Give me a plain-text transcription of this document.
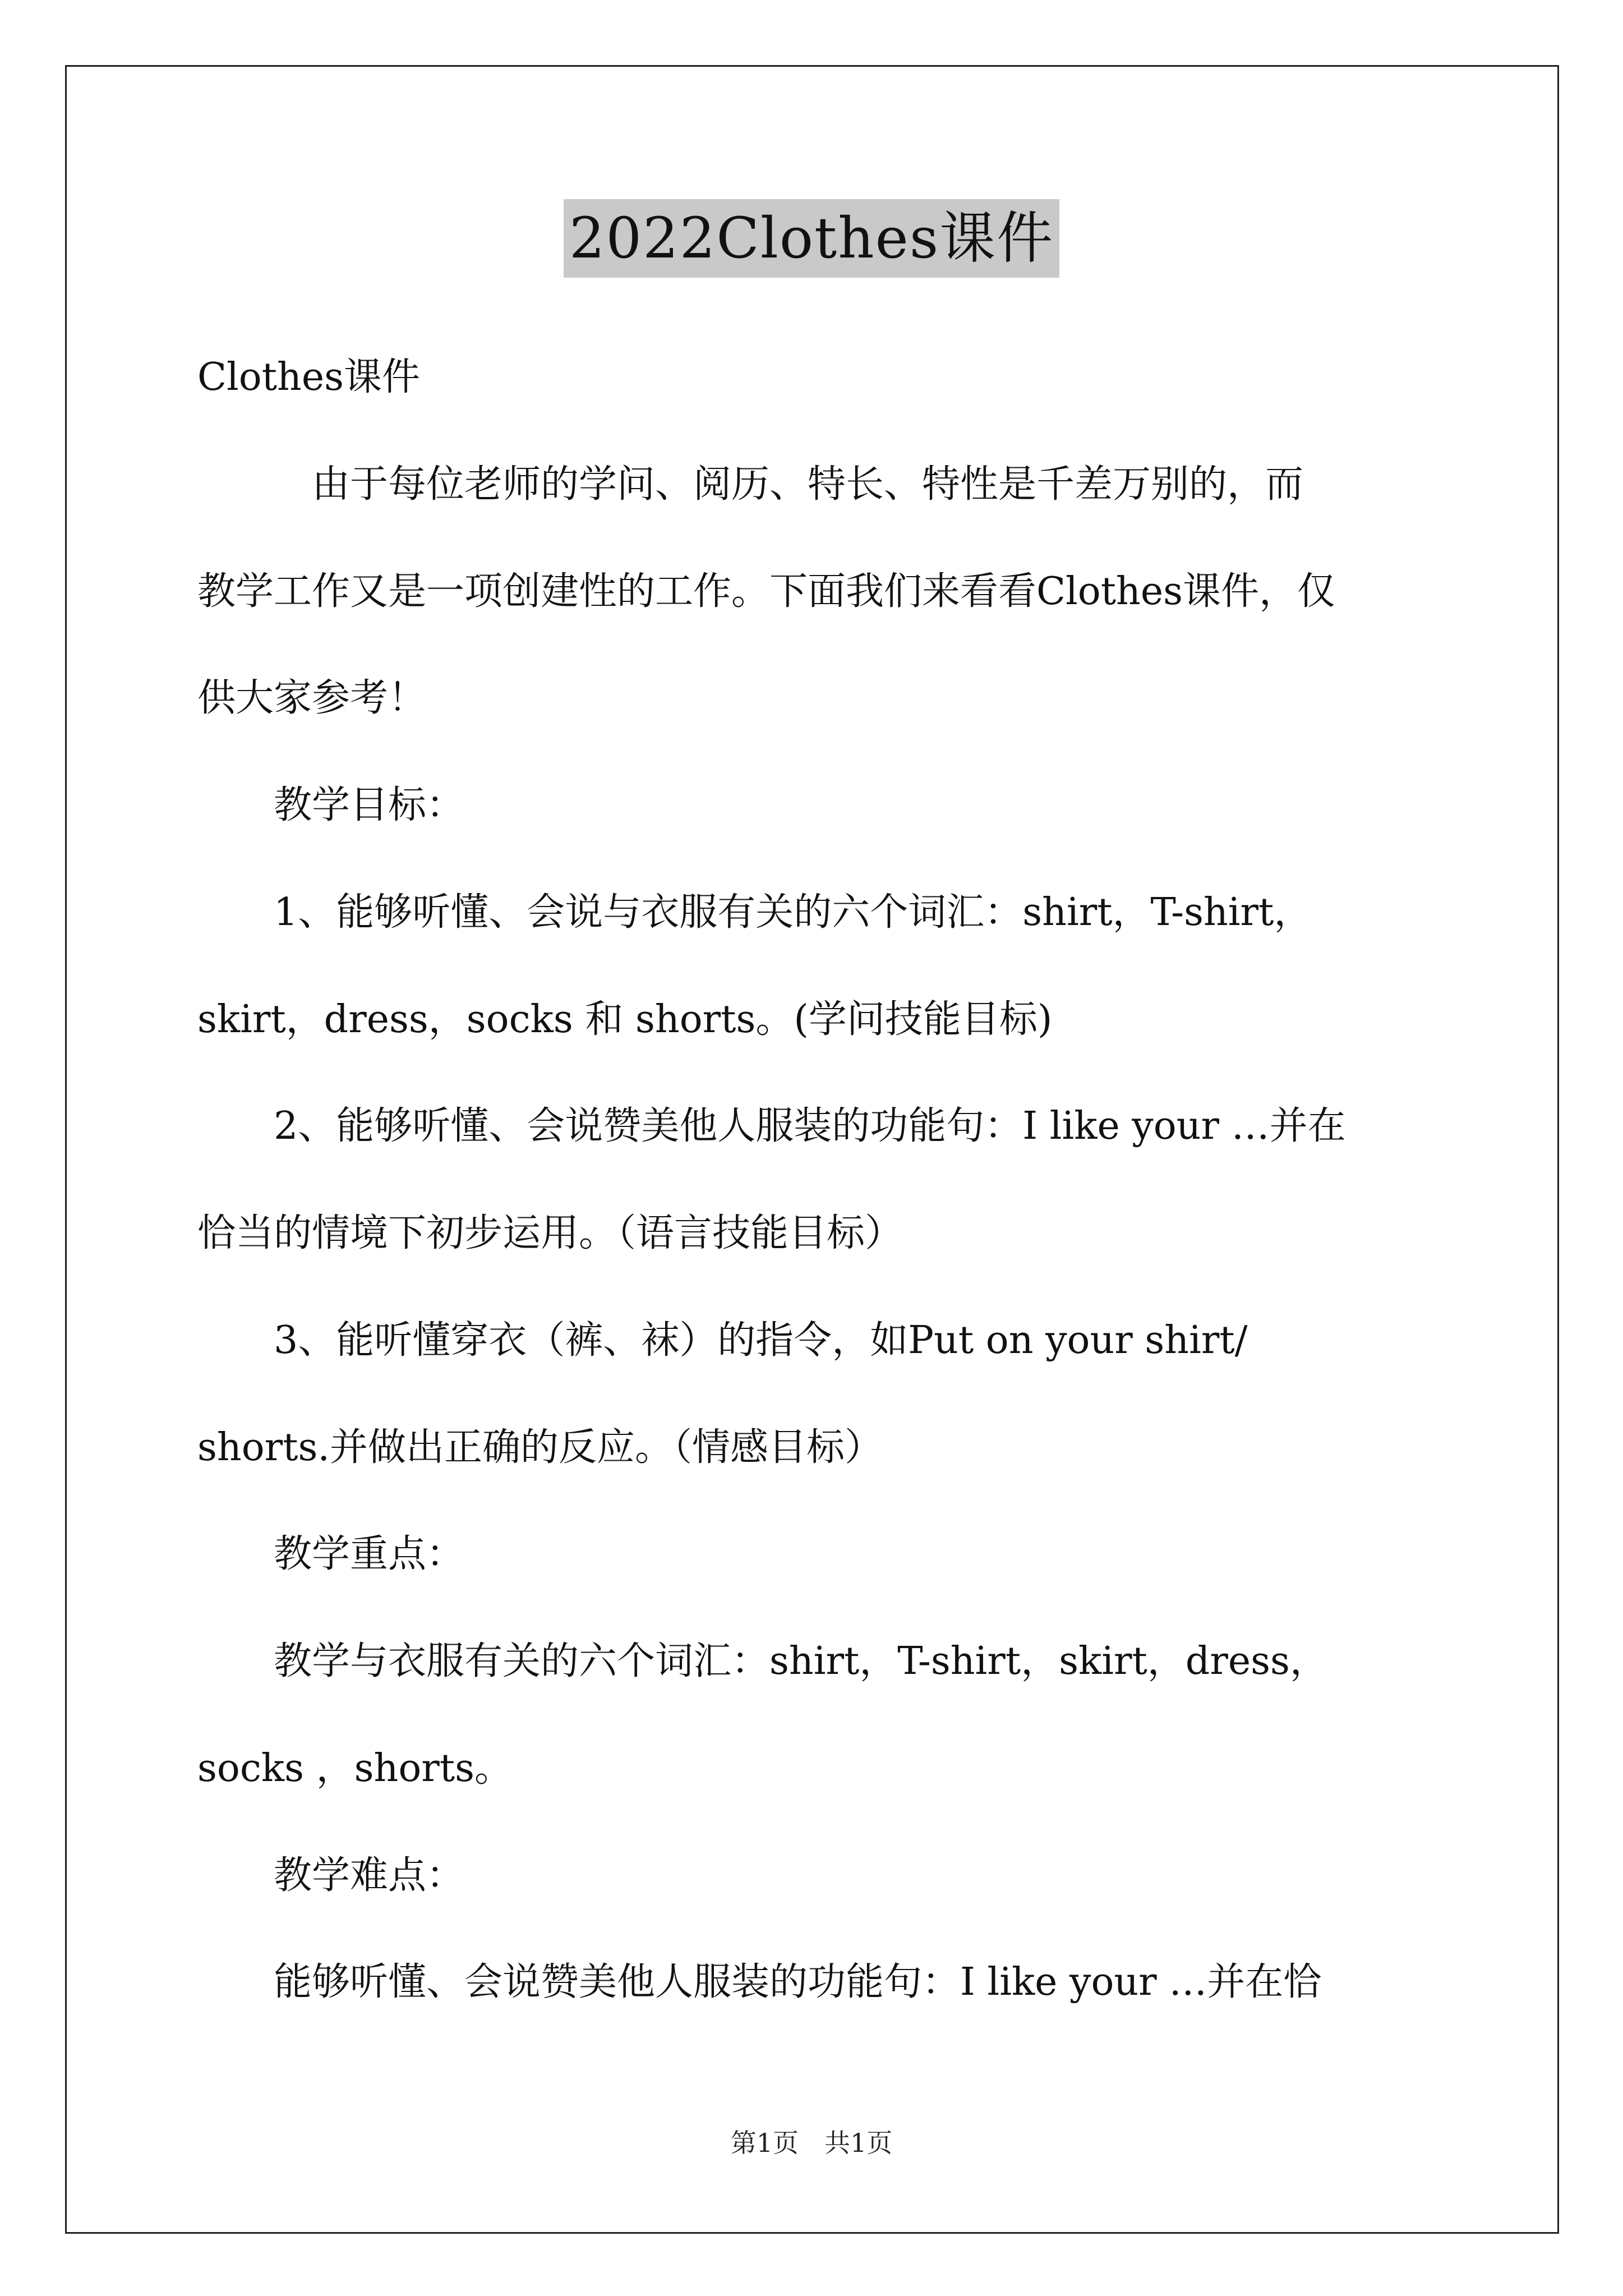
2022Clothes课件
Clothes课件
　　　由于每位老师的学问、阅历、特长、特性是千差万别的，而
教学工作又是一项创建性的工作。下面我们来看看Clothes课件，仅
供大家参考！
　　教学目标：
　　1、能够听懂、会说与衣服有关的六个词汇：shirt，T-shirt，
skirt，dress，socks 和 shorts。(学问技能目标)
　　2、能够听懂、会说赞美他人服装的功能句：I like your …并在
恰当的情境下初步运用。（语言技能目标）
　　3、能听懂穿衣（裤、袜）的指令，如Put on your shirt/
shorts.并做出正确的反应。（情感目标）
　　教学重点：
　　教学与衣服有关的六个词汇：shirt，T-shirt，skirt，dress，
socks ，shorts。
　　教学难点：
　　能够听懂、会说赞美他人服装的功能句：I like your …并在恰
第1页　共1页
